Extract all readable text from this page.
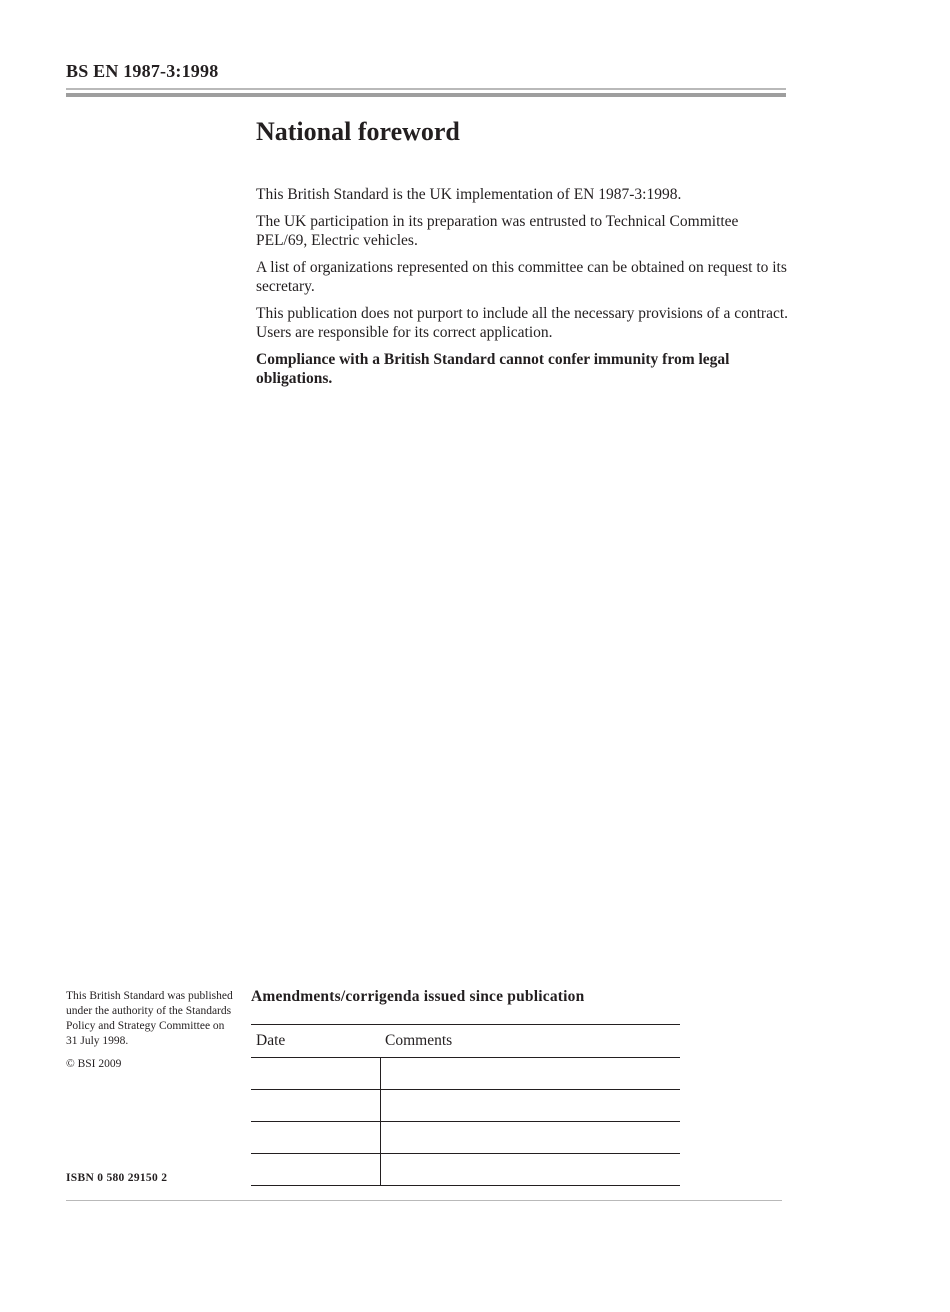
BS EN 1987-3:1998
National foreword

This British Standard is the UK implementation of EN 1987-3:1998.

The UK participation in its preparation was entrusted to Technical Committee PEL/69, Electric vehicles.

A list of organizations represented on this committee can be obtained on request to its secretary.

This publication does not purport to include all the necessary provisions of a contract. Users are responsible for its correct application.

Compliance with a British Standard cannot confer immunity from legal obligations.

This British Standard was published under the authority of the Standards Policy and Strategy Committee on 31 July 1998.

© BSI 2009

ISBN 0 580 29150 2
Amendments/corrigenda issued since publication
Date	Comments
